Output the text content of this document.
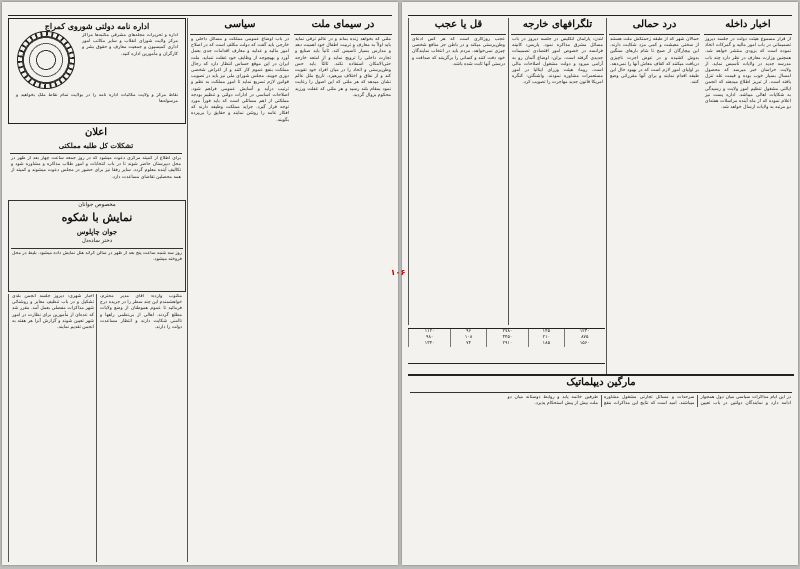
اداره نامه دولتی شوروی کمراج
اداره و تحریرات مجله‌های مشرقی مکتبه‌ها مراکز مرکز ولایت شورای انقلاب و سایر مکاتب امور اداری کمیسیون و جمعیت معارف و حقوق بشر و کارگران و مأمورین اداره کنید.
نقاط مرکز و ولایت مکاتبات اداره نامه را در بولایت تمام نقاط ملک بخواهید و مرسوله‌ها
اعلان
تشکلات کل طلبه مملکتی
برای اطلاع از کمیته مرکزی دعوت میشود که در روز جمعه ساعت چهار بعد از ظهر در محل دبیرستان حاضر شوند تا در باب انتخابات و امور طلاب مذاکره و مشاوره شود و تکالیف آینده معلوم گردد. سایر رفقا نیز برای حضور در مجلس دعوت میشوند و کمیته از همه محصلین تقاضای مساعدت دارد.
مخصوص جوانان
نمایش با شکوه
جوان چاپلوس
دختر ساده‌دل
روز سه شنبه ساعت پنج بعد از ظهر در سالن گراند هتل نمایش داده میشود. بلیط در محل فروخته میشود.
اخبار شهری: دیروز جلسه انجمن بلدی تشکیل و در باب تنظیف معابر و روشنائی شهر مذاکرات مفصلی بعمل آمد. مقرر شد که عده‌ای از مأمورین برای نظارت در امور شهر تعیین شوند و گزارش آنرا هر هفته به انجمن تقدیم نمایند.
مکتوب وارده: آقای مدیر محترم، خواهشمندم این چند سطر را در جریده درج فرمائید تا عموم هموطنان از وضع ولایات مطلع گردند. اهالی از بی‌نظمی راهها و ناامنی شکایت دارند و انتظار مساعدت دولت را دارند.
سیاسی
در باب اوضاع عمومی مملکت و مسائل داخلی و خارجی باید گفت که دولت مکلف است که در اصلاح امور مالیه و عدلیه و معارف اقدامات جدی بعمل آورد و بهیچوجه از وظایف خود غفلت ننماید. ملت ایران در این موقع حساس انتظار دارد که رجال مملکت بنفع عموم کار کنند و از اغراض شخصی دوری جویند. مجلس شورای ملی نیز باید در تصویب قوانین لازم تسریع نماید تا امور مملکت به نظم و ترتیب درآید و آسایش عمومی فراهم شود. اصلاحات اساسی در ادارات دولتی و تنظیم بودجه مملکتی از اهم مسائلی است که باید فوراً مورد توجه قرار گیرد. جراید مملکت وظیفه دارند که افکار عامه را روشن نمایند و حقایق را بی‌پرده بگویند.
در سیمای ملت
ملتی که بخواهد زنده بماند و در عالم ترقی نماید باید اولاً به معارف و تربیت اطفال خود اهمیت دهد و مدارس بسیار تأسیس کند. ثانیاً باید صنایع و تجارت داخلی را ترویج نماید و از امتعه خارجه حتی‌الامکان استفاده نکند. ثالثاً باید حس وطن‌پرستی و اتحاد را در میان افراد خود تقویت کند و از نفاق و اختلاف بپرهیزد. تاریخ ملل عالم نشان میدهد که هر ملتی که این اصول را رعایت نمود بمقام بلند رسید و هر ملتی که غفلت ورزید محکوم بزوال گردید.
۱۰۶
اخبار داخله
از قرار مسموع هیئت دولت در جلسه دیروز تصمیماتی در باب امور مالیه و گمرکات اتخاذ نموده است که بزودی منتشر خواهد شد. همچنین وزارت معارف در نظر دارد چند باب مدرسه جدید در ولایات تأسیس نماید. از ولایت خراسان خبر میرسد که محصول امسال بسیار خوب بوده و قیمت غله تنزل یافته است. از تبریز اطلاع میدهند که انجمن ایالتی مشغول تنظیم امور ولایت و رسیدگی به شکایات اهالی میباشد. اداره پست نیز اعلام نموده که از ماه آینده مراسلات هفته‌ای دو مرتبه به ولایات ارسال خواهد شد.
درد حمالی
حمالان شهر که از طبقه زحمتکش ملت هستند از سختی معیشت و کمی مزد شکایت دارند. این بیچارگان از صبح تا شام بارهای سنگین بدوش کشیده و در عوض اجرت ناچیزی دریافت میکنند که کفاف معاش آنها را نمی‌دهد. بر اولیای امور لازم است که در بهبود حال این طبقه اقدام نمایند و برای آنها مقرراتی وضع کنند.
تلگرافهای خارجه
لندن: پارلمان انگلیس در جلسه دیروز در باب مسائل مشرق مذاکره نمود. پاریس: کابینه فرانسه در خصوص امور اقتصادی تصمیمات جدیدی گرفته است. برلن: اوضاع آلمان رو به آرامی میرود و دولت مشغول اصلاحات مالی است. روما: هیئت وزرای ایتالیا در امور مستعمرات مشاوره نمودند. واشنگتن: کنگره امریکا قانون جدید مهاجرت را تصویب کرد.
قل یا عجب
عجب روزگاری است که هر کس ادعای وطن‌پرستی میکند و در باطن جز منافع شخصی چیزی نمی‌خواهد. مردم باید در انتخاب نمایندگان خود دقت کنند و کسانی را برگزینند که صداقت و درستی آنها ثابت شده باشد.
۱۲۳۰	۱۴۵	۲۷۸۰	۹۶	۱۱۲۰
۸۷۵	۲۱۰	۳۴۵۰	۱۰۸	۹۸۰
۱۵۶۰	۱۸۵	۲۹۱۰	۷۴	۱۳۴۰
مارگین دیپلماتیک
در این ایام مذاکرات سیاسی میان دول همجوار ادامه دارد و نمایندگان دولتین در باب تعیین سرحدات و مسائل تجارتی مشغول مشاوره میباشند. امید است که نتایج این مذاکرات بنفع طرفین خاتمه یابد و روابط دوستانه میان دو ملت بیش از پیش استحکام پذیرد.
